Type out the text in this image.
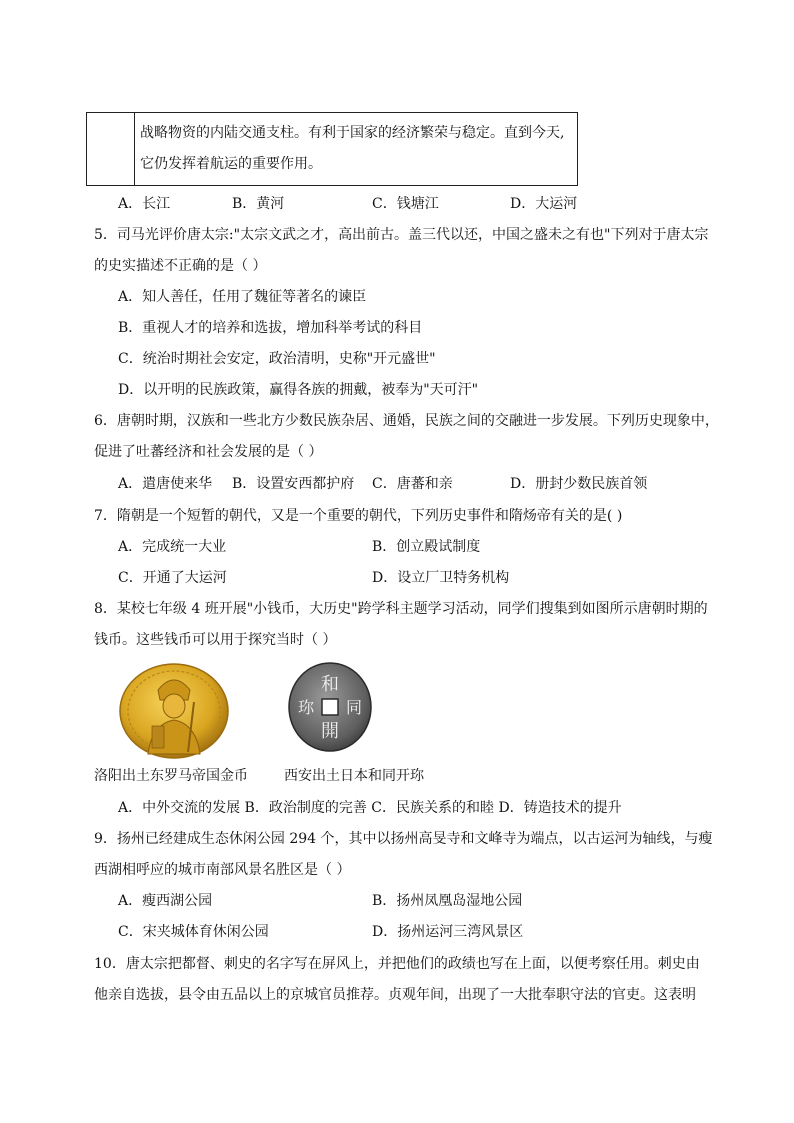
战略物资的内陆交通支柱。有利于国家的经济繁荣与稳定。直到今天,
它仍发挥着航运的重要作用。
A．长江	B．黄河	C．钱塘江	D．大运河
5．司马光评价唐太宗:"太宗文武之才，高出前古。盖三代以还，中国之盛未之有也"下列对于唐太宗
的史实描述不正确的是（ ）
A．知人善任，任用了魏征等著名的谏臣
B．重视人才的培养和选拔，增加科举考试的科目
C．统治时期社会安定，政治清明，史称"开元盛世"
D．以开明的民族政策，赢得各族的拥戴，被奉为"天可汗"
6．唐朝时期，汉族和一些北方少数民族杂居、通婚，民族之间的交融进一步发展。下列历史现象中，
促进了吐蕃经济和社会发展的是（ ）
A．遣唐使来华 B．设置安西都护府 C．唐蕃和亲	D．册封少数民族首领
7．隋朝是一个短暂的朝代，又是一个重要的朝代，下列历史事件和隋炀帝有关的是( )
A．完成统一大业	B．创立殿试制度
C．开通了大运河	D．设立厂卫特务机构
8．某校七年级 4 班开展"小钱币，大历史"跨学科主题学习活动，同学们搜集到如图所示唐朝时期的
钱币。这些钱币可以用于探究当时（ ）
和
同
開
珎
洛阳出土东罗马帝国金币	西安出土日本和同开珎
A．中外交流的发展 B．政治制度的完善 C．民族关系的和睦 D．铸造技术的提升
9．扬州已经建成生态休闲公园 294 个，其中以扬州高旻寺和文峰寺为端点，以古运河为轴线，与瘦
西湖相呼应的城市南部风景名胜区是（ ）
A．瘦西湖公园	B．扬州凤凰岛湿地公园
C．宋夹城体育休闲公园	D．扬州运河三湾风景区
10．唐太宗把都督、刺史的名字写在屏风上，并把他们的政绩也写在上面，以便考察任用。刺史由
他亲自选拔，县令由五品以上的京城官员推荐。贞观年间，出现了一大批奉职守法的官吏。这表明
